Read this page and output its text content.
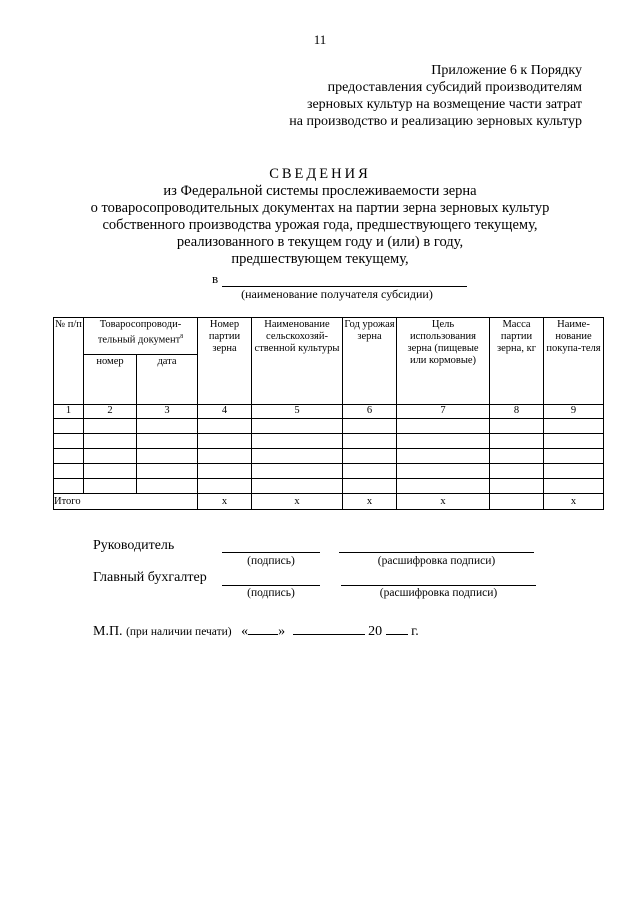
11
Приложение 6 к Порядку
предоставления субсидий производителям
зерновых культур на возмещение части затрат
на производство и реализацию зерновых культур
СВЕДЕНИЯ
из Федеральной системы прослеживаемости зерна
о товаросопроводительных документах на партии зерна зерновых культур
собственного производства урожая года, предшествующего текущему,
реализованного в текущем году и (или) в году,
предшествующем текущему,
в
(наименование получателя субсидии)
№ п/п	Товаросопроводи-тельный документ$^8$		Номер партии зерна	Наименование сельскохозяй-ственной культуры	Год урожая зерна	Цель использования зерна (пищевые или кормовые)	Масса партии зерна, кг	Наиме-нование покупа-теля
	номер	дата						
1	2	3	4	5	6	7	8	9

Итого			х	х	х	х		х
Руководитель
(подпись)	(расшифровка подписи)
Главный бухгалтер
(подпись)	(расшифровка подписи)
М.П. (при наличии печати) « »	20 г.
